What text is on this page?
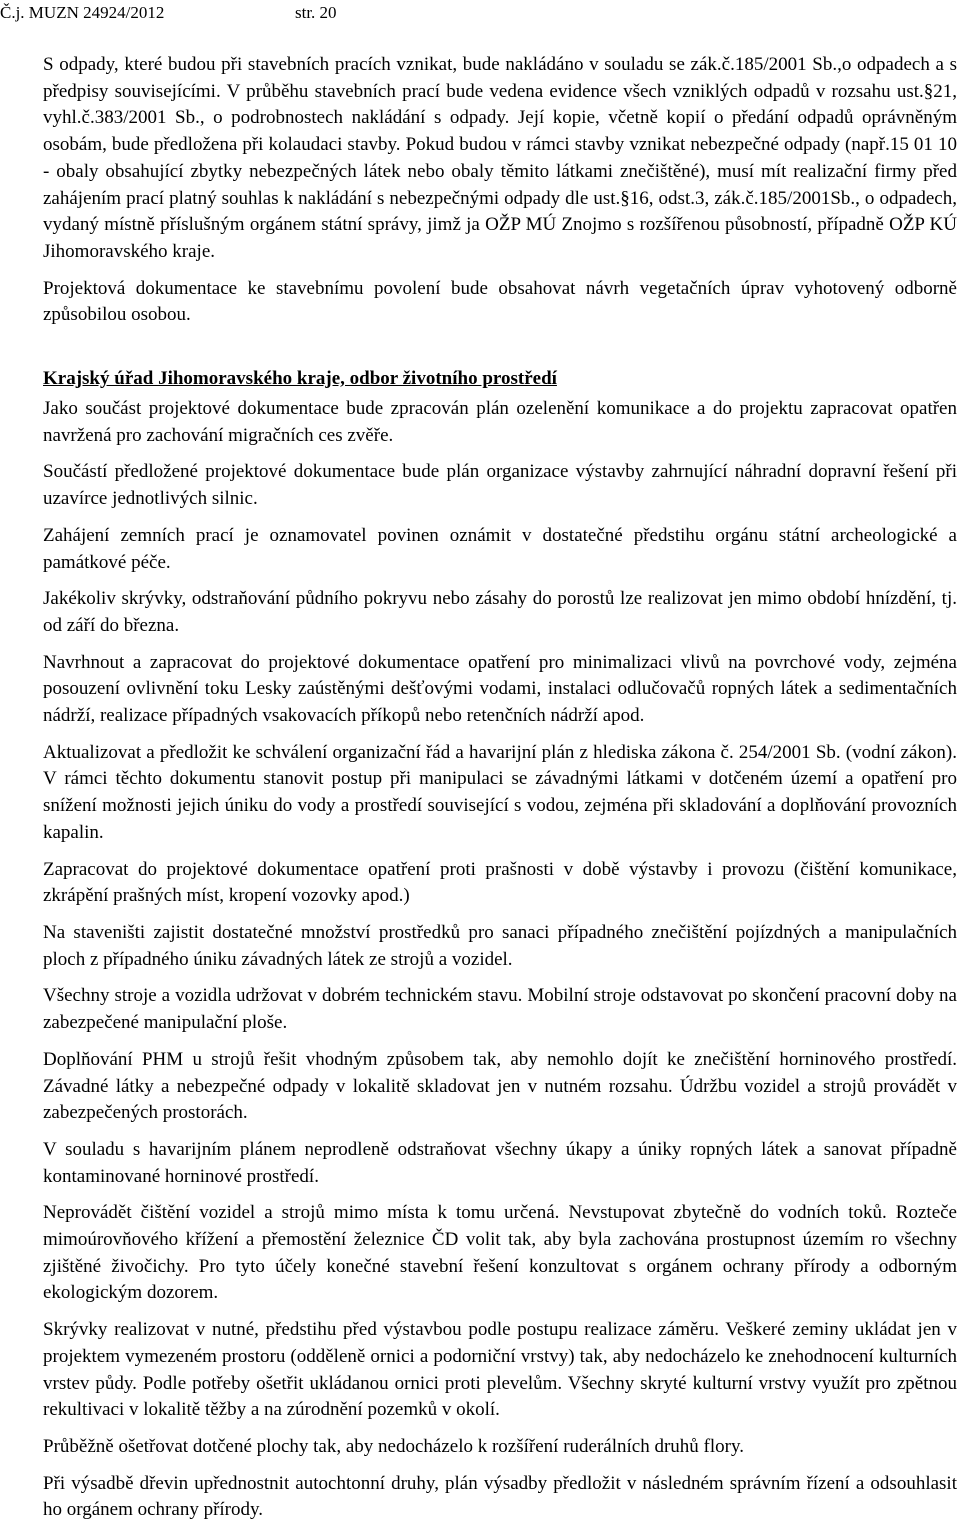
Č.j. MUZN 24924/2012	str. 20

S odpady, které budou při stavebních pracích vznikat, bude nakládáno v souladu se zák.č.185/2001 Sb.,o odpadech a s předpisy souvisejícími. V průběhu stavebních prací bude vedena evidence všech vzniklých odpadů v rozsahu ust.§21, vyhl.č.383/2001 Sb., o podrobnostech nakládání s odpady. Její kopie, včetně kopií o předání odpadů oprávněným osobám, bude předložena při kolaudaci stavby. Pokud budou v rámci stavby vznikat nebezpečné odpady (např.15 01 10 - obaly obsahující zbytky nebezpečných látek nebo obaly těmito látkami znečištěné), musí mít realizační firmy před zahájením prací platný souhlas k nakládání s nebezpečnými odpady dle ust.§16, odst.3, zák.č.185/2001Sb., o odpadech, vydaný místně příslušným orgánem státní správy, jimž ja OŽP MÚ Znojmo s rozšířenou působností, případně OŽP KÚ Jihomoravského kraje.

Projektová dokumentace ke stavebnímu povolení bude obsahovat návrh vegetačních úprav vyhotovený odborně způsobilou osobou.

Krajský úřad Jihomoravského kraje, odbor životního prostředí

Jako součást projektové dokumentace bude zpracován plán ozelenění komunikace a do projektu zapracovat opatřen navržená pro zachování migračních ces zvěře.

Součástí předložené projektové dokumentace bude plán organizace výstavby zahrnující náhradní dopravní řešení při uzavírce jednotlivých silnic.

Zahájení zemních prací je oznamovatel povinen oznámit v dostatečné předstihu orgánu státní archeologické a památkové péče.

Jakékoliv skrývky, odstraňování půdního pokryvu nebo zásahy do porostů lze realizovat jen mimo období hnízdění, tj. od září do března.

Navrhnout a zapracovat do projektové dokumentace opatření pro minimalizaci vlivů na povrchové vody, zejména posouzení ovlivnění toku Lesky zaústěnými dešťovými vodami, instalaci odlučovačů ropných látek a sedimentačních nádrží, realizace případných vsakovacích příkopů nebo retenčních nádrží apod.

Aktualizovat a předložit ke schválení organizační řád a havarijní plán z hlediska zákona č. 254/2001 Sb. (vodní zákon). V rámci těchto dokumentu stanovit postup při manipulaci se závadnými látkami v dotčeném území a opatření pro snížení možnosti jejich úniku do vody a prostředí související s vodou, zejména při skladování a doplňování provozních kapalin.

Zapracovat do projektové dokumentace opatření proti prašnosti v době výstavby i provozu (čištění komunikace, zkrápění prašných míst, kropení vozovky apod.)

Na staveništi zajistit dostatečné množství prostředků pro sanaci případného znečištění pojízdných a manipulačních ploch z případného úniku závadných látek ze strojů a vozidel.

Všechny stroje a vozidla udržovat v dobrém technickém stavu. Mobilní stroje odstavovat po skončení pracovní doby na zabezpečené manipulační ploše.

Doplňování PHM u strojů řešit vhodným způsobem tak, aby nemohlo dojít ke znečištění horninového prostředí. Závadné látky a nebezpečné odpady v lokalitě skladovat jen v nutném rozsahu. Údržbu vozidel a strojů provádět v zabezpečených prostorách.

V souladu s havarijním plánem neprodleně odstraňovat všechny úkapy a úniky ropných látek a sanovat případně kontaminované horninové prostředí.

Neprovádět čištění vozidel a strojů mimo místa k tomu určená. Nevstupovat zbytečně do vodních toků. Rozteče mimoúrovňového křížení a přemostění železnice ČD volit tak, aby byla zachována prostupnost územím ro všechny zjištěné živočichy. Pro tyto účely konečné stavební řešení konzultovat s orgánem ochrany přírody a odborným ekologickým dozorem.

Skrývky realizovat v nutné, předstihu před výstavbou podle postupu realizace záměru. Veškeré zeminy ukládat jen v projektem vymezeném prostoru (odděleně ornici a podorniční vrstvy) tak, aby nedocházelo ke znehodnocení kulturních vrstev půdy. Podle potřeby ošetřit ukládanou ornici proti plevelům. Všechny skryté kulturní vrstvy využít pro zpětnou rekultivaci v lokalitě těžby a na zúrodnění pozemků v okolí.

Průběžně ošetřovat dotčené plochy tak, aby nedocházelo k rozšíření ruderálních druhů flory.

Při výsadbě dřevin upřednostnit autochtonní druhy, plán výsadby předložit v následném správním řízení a odsouhlasit ho orgánem ochrany přírody.
